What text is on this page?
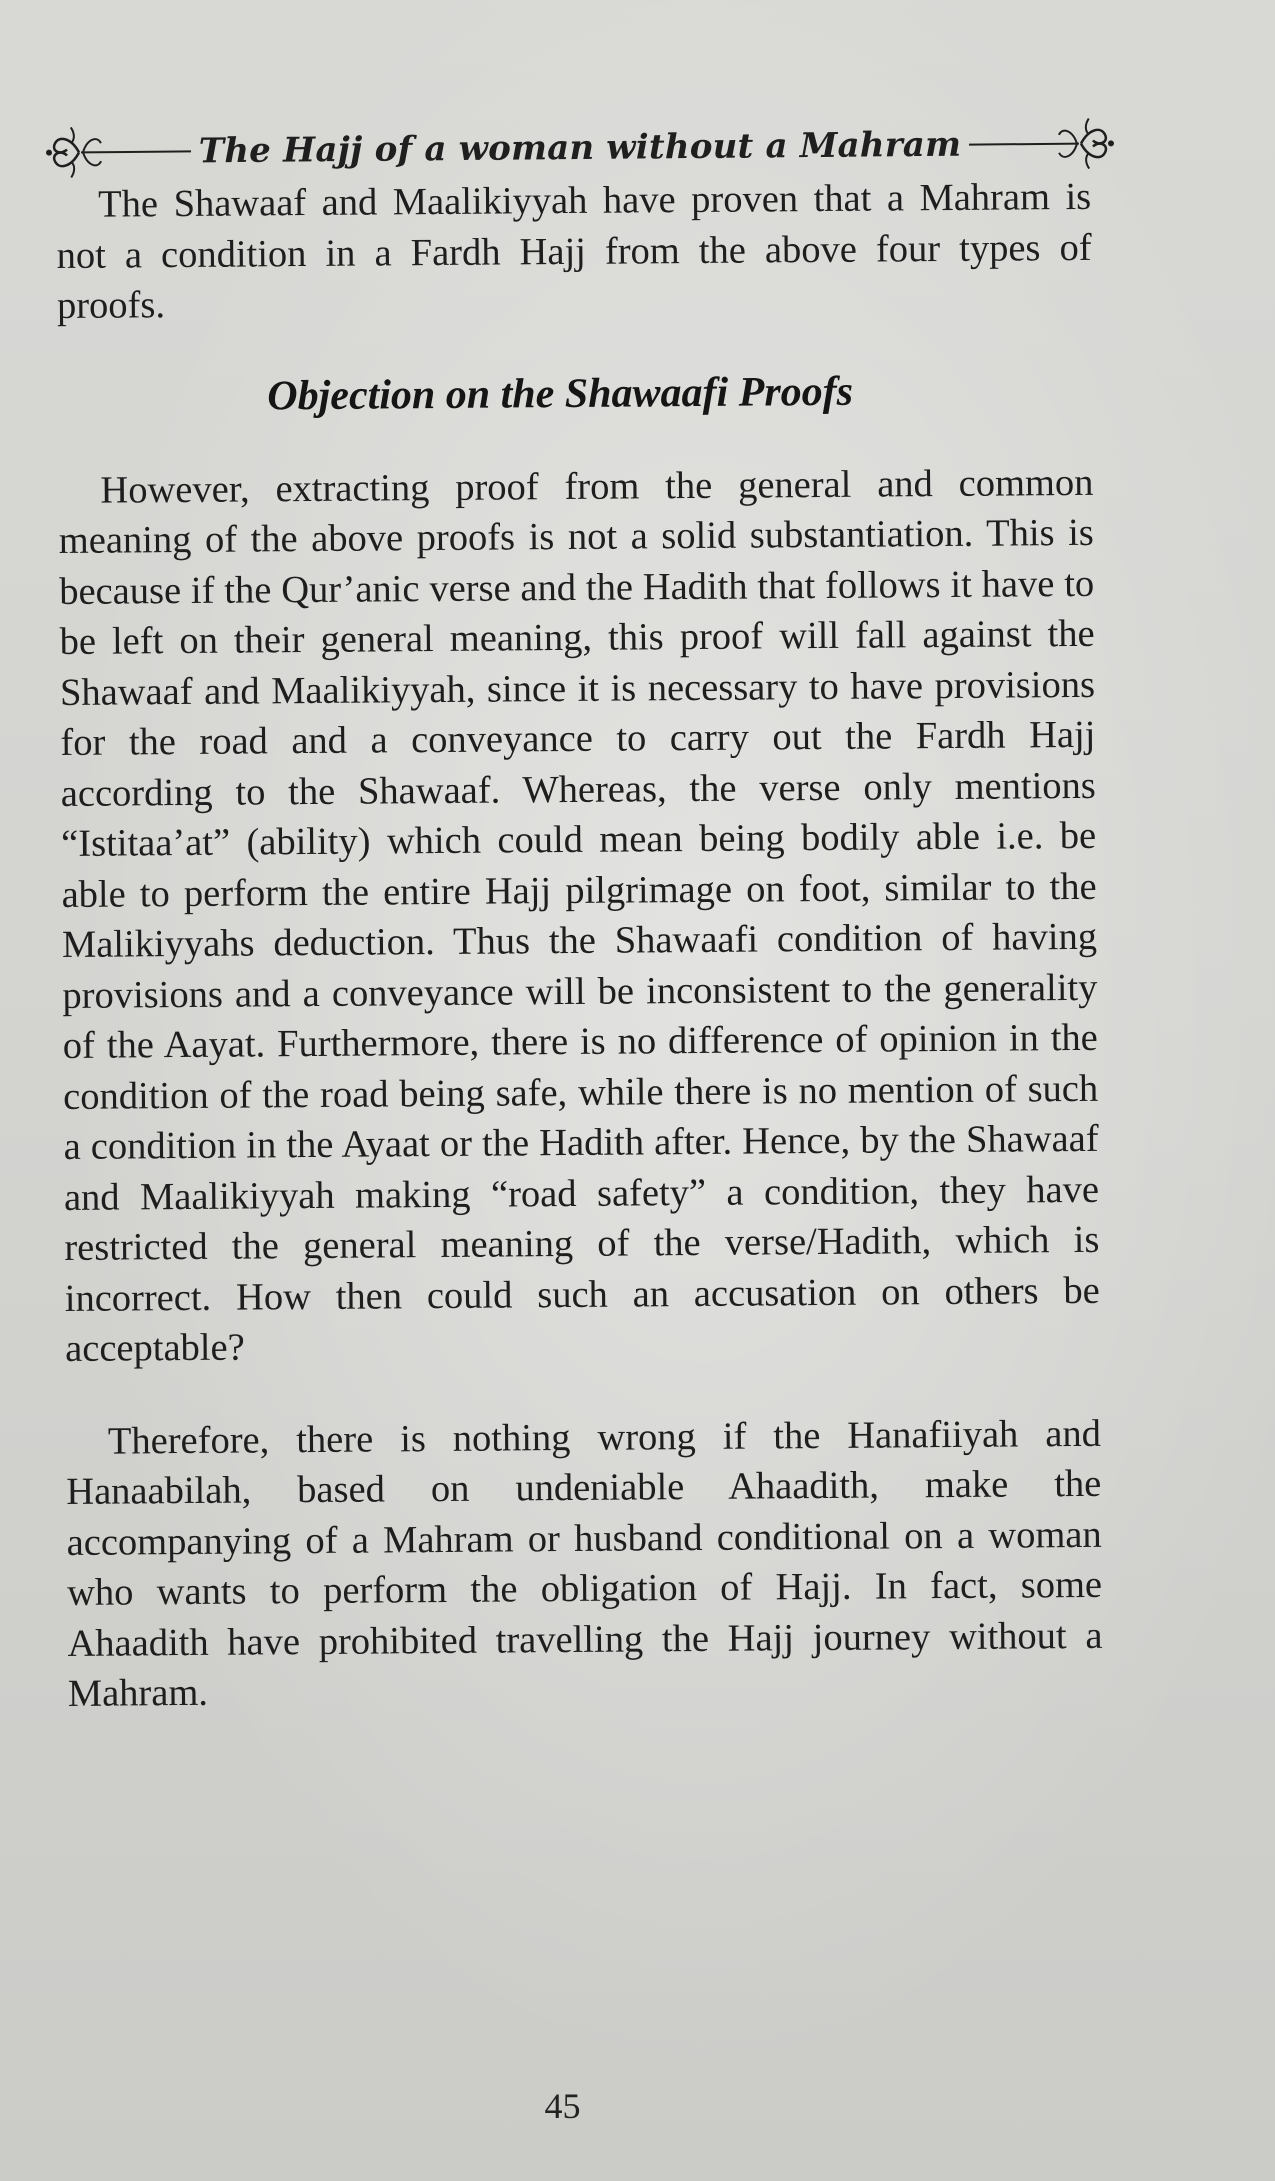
The Hajj of a woman without a Mahram

The Shawaaf and Maalikiyyah have proven that a Mahram is not a condition in a Fardh Hajj from the above four types of proofs.

Objection on the Shawaafi Proofs

However, extracting proof from the general and common meaning of the above proofs is not a solid substantiation. This is because if the Qur’anic verse and the Hadith that follows it have to be left on their general meaning, this proof will fall against the Shawaaf and Maalikiyyah, since it is necessary to have provisions for the road and a conveyance to carry out the Fardh Hajj according to the Shawaaf. Whereas, the verse only mentions “Istitaa’at” (ability) which could mean being bodily able i.e. be able to perform the entire Hajj pilgrimage on foot, similar to the Malikiyyahs deduction. Thus the Shawaafi condition of having provisions and a conveyance will be inconsistent to the generality of the Aayat. Furthermore, there is no difference of opinion in the condition of the road being safe, while there is no mention of such a condition in the Ayaat or the Hadith after. Hence, by the Shawaaf and Maalikiyyah making “road safety” a condition, they have restricted the general meaning of the verse/Hadith, which is incorrect. How then could such an accusation on others be acceptable?

Therefore, there is nothing wrong if the Hanafiiyah and Hanaabilah, based on undeniable Ahaadith, make the accompanying of a Mahram or husband conditional on a woman who wants to perform the obligation of Hajj. In fact, some Ahaadith have prohibited travelling the Hajj journey without a Mahram.

45
